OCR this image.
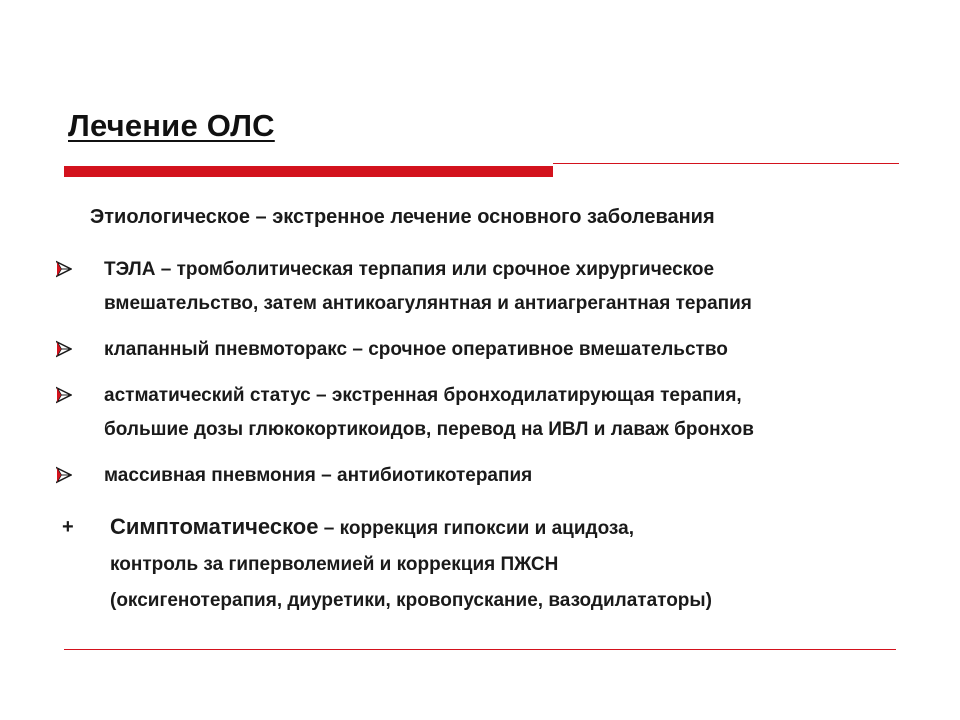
Лечение ОЛС
Этиологическое – экстренное лечение основного заболевания
ТЭЛА – тромболитическая терпапия или срочное хирургическое
вмешательство, затем антикоагулянтная и антиагрегантная терапия
клапанный пневмоторакс – срочное оперативное вмешательство
астматический статус – экстренная бронходилатирующая терапия,
большие дозы глюкокортикоидов, перевод на ИВЛ и лаваж бронхов
массивная пневмония – антибиотикотерапия
+ Симптоматическое – коррекция гипоксии и ацидоза,
контроль за гиперволемией и коррекция ПЖСН
(оксигенотерапия, диуретики, кровопускание, вазодилататоры)
